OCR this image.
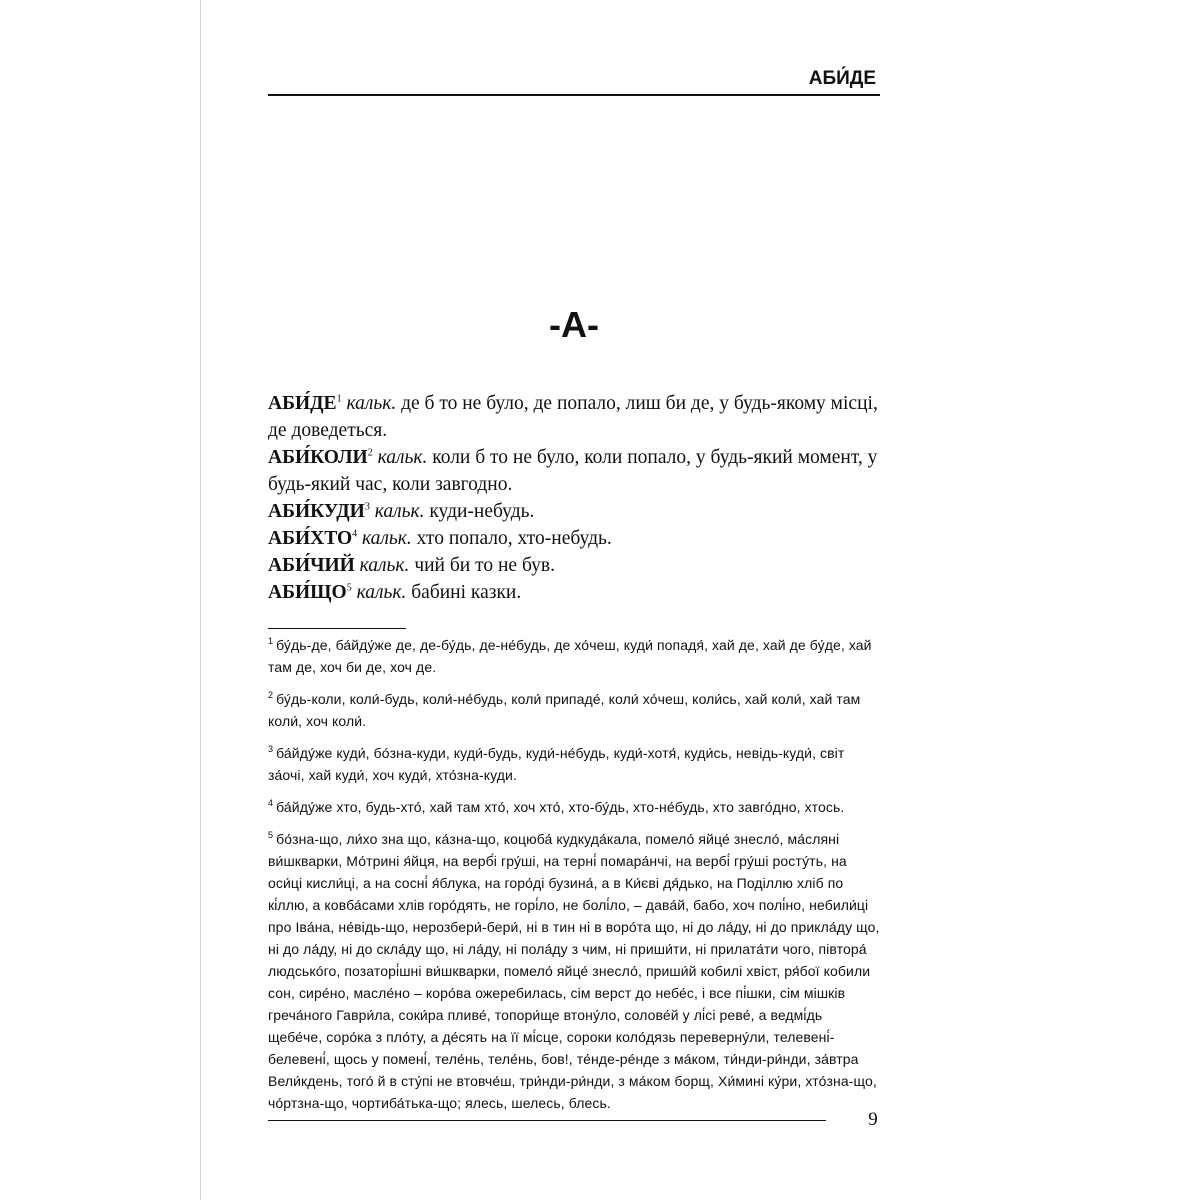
АБИ́ДЕ
-A-

АБИ́ДЕ$^1$ кальк. де б то не було, де попало, лиш би де, у будь-якому місці, де доведеться.

АБИ́КОЛИ$^2$ кальк. коли б то не було, коли попало, у будь-який момент, у будь-який час, коли завгодно.

АБИ́КУДИ$^3$ кальк. куди-небудь.

АБИ́ХТО$^4$ кальк. хто попало, хто-небудь.

АБИ́ЧИЙ кальк. чий би то не був.

АБИ́ЩО$^5$ кальк. бабині казки.

$^1$ бу́дь-де, ба́йду́же де, де-бу́дь, де-не́будь, де хо́чеш, куди́ попадя́, хай де, хай де бу́де, хай там де, хоч би де, хоч де.

$^2$ бу́дь-коли, коли́-будь, коли́-не́будь, коли́ припаде́, коли́ хо́чеш, коли́сь, хай коли́, хай там коли́, хоч коли́.

$^3$ ба́йду́же куди́, бо́зна-куди, куди́-будь, куди́-не́будь, куди́-хотя́, куди́сь, невідь-куди́, світ за́очі, хай куди́, хоч куди́, хто́зна-куди.

$^4$ ба́йду́же хто, будь-хто́, хай там хто́, хоч хто́, хто-бу́дь, хто-не́будь, хто завго́дно, хтось.

$^5$ бо́зна-що, ли́хо зна що, ка́зна-що, коцюба́ кудкуда́кала, помело́ яйце́ знесло́, ма́сляні ви́шкварки, Мо́трині я́йця, на верб́і гру́ші, на терні́ помара́нчі, на вербі́ гру́ші росту́ть, на оси́ці кисли́ці, а на сосні́ я́блука, на горо́ді бузина́, а в Ки́єві дя́дько, на Поділлю хліб по кі́ллю, а ковба́сами хлів горо́дять, не горі́ло, не болі́ло, – дава́й, бабо, хоч полі́но, небили́ці про Іва́на, не́відь-що, нерозбери́-бери́, ні в тин ні в воро́та що, ні до ла́ду, ні до прикла́ду що, ні до ла́ду, ні до скла́ду що, ні ла́ду, ні пола́ду з чим, ні приши́ти, ні прилата́ти чого, півтора́ людсько́го, позаторі́шні ви́шкварки, помело́ яйце́ знесло́, приши́й кобилі хвіст, ря́бої кобили сон, сире́но, масле́но – коро́ва ожеребилась, сім верст до небе́с, і все пі́шки, сім мішків греча́ного Гаври́ла, соки́ра пливе́, топори́ще втону́ло, солове́й у лі́сі реве́, а ведмі́дь щебе́че, соро́ка з пло́ту, а де́сять на її мі́сце, сороки коло́дязь переверну́ли, телевені́-белевені́, щось у помені́, теле́нь, теле́нь, бов!, те́нде-ре́нде з ма́ком, ти́нди-ри́нди, за́втра Вели́кдень, того́ й в сту́пі не втовче́ш, три́нди-ри́нди, з ма́ком борщ, Хи́мині ку́ри, хто́зна-що, чо́ртзна-що, чортиба́тька-що; ялесь, шелесь, блесь.

9
